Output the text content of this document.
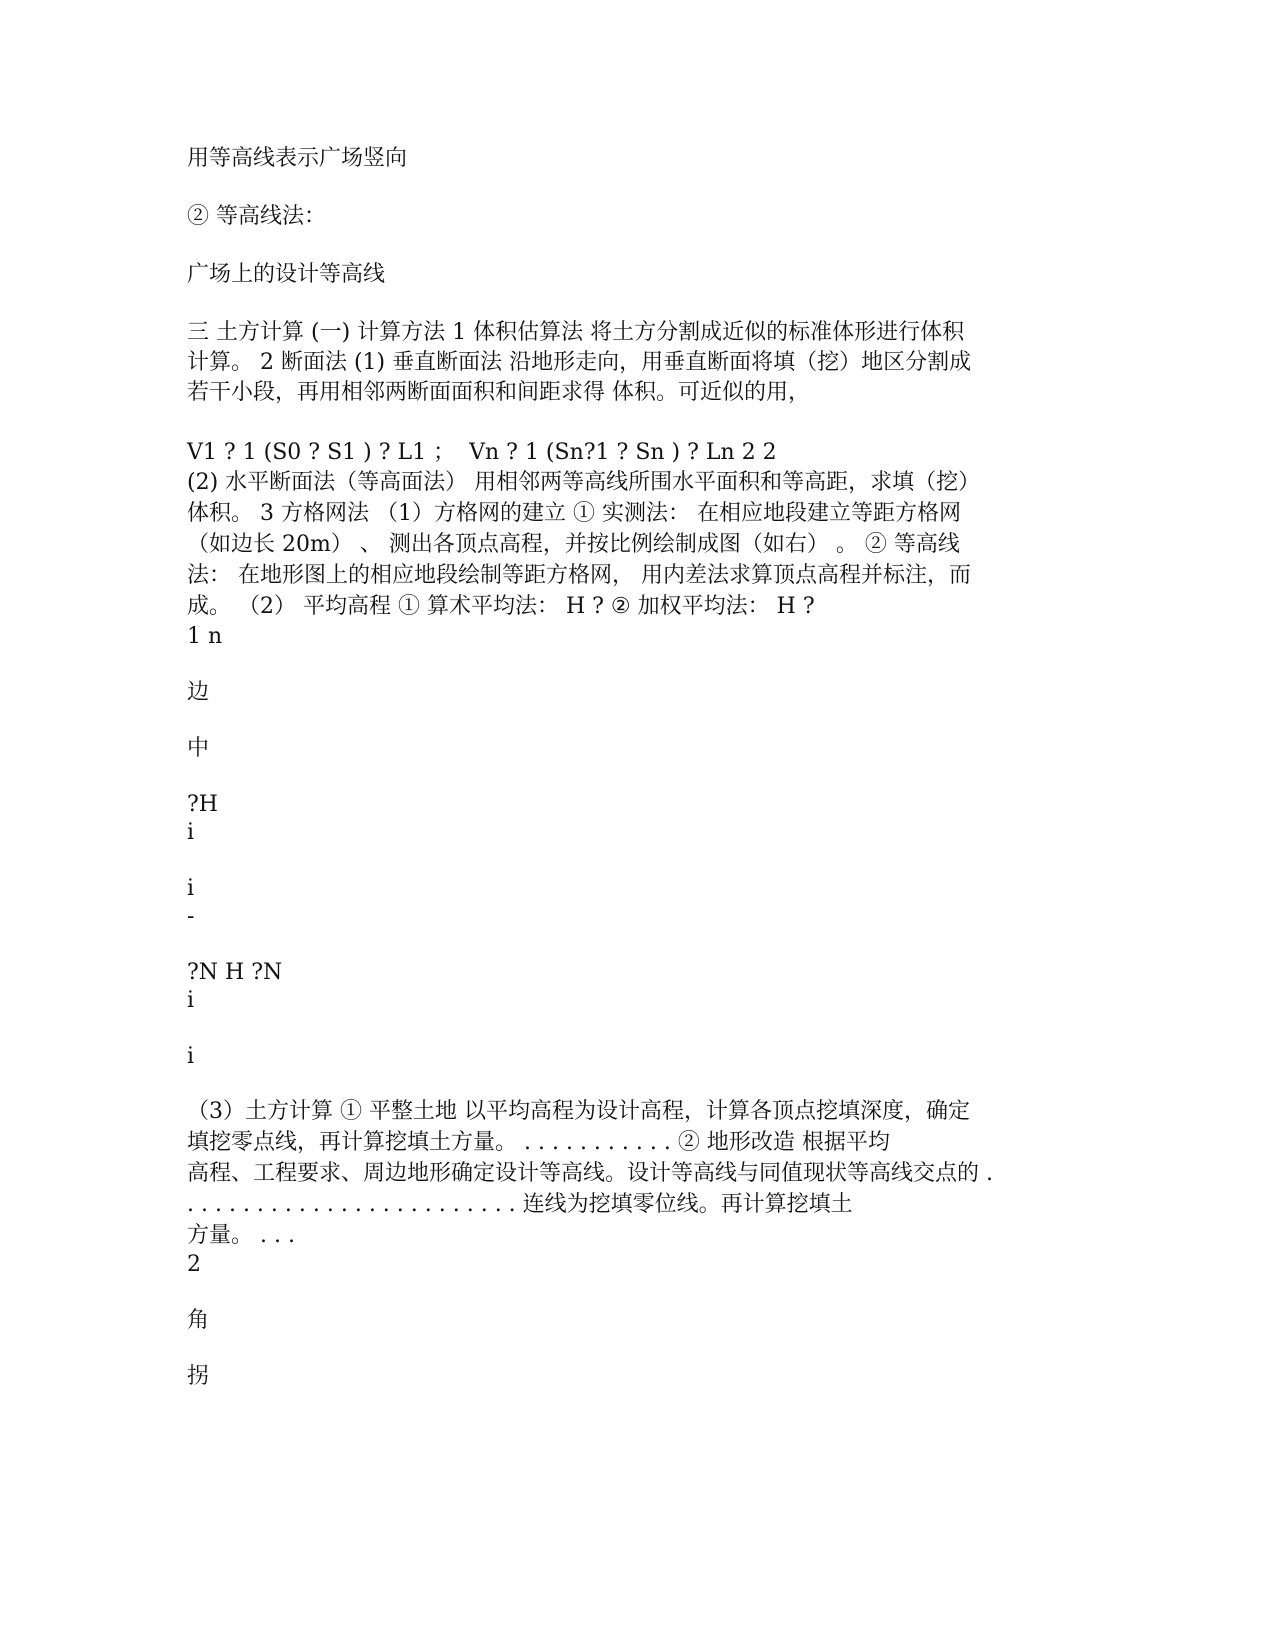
用等高线表示广场竖向
② 等高线法：
广场上的设计等高线
三 土方计算 (一) 计算方法 1 体积估算法 将土方分割成近似的标准体形进行体积
计算。 2 断面法 (1) 垂直断面法 沿地形走向，用垂直断面将填（挖）地区分割成
若干小段，再用相邻两断面面积和间距求得 体积。可近似的用，
V1 ? 1 (S0 ? S1 ) ? L1 ；  Vn ? 1 (Sn?1 ? Sn ) ? Ln 2 2
(2) 水平断面法（等高面法） 用相邻两等高线所围水平面积和等高距，求填（挖）
体积。 3 方格网法 （1）方格网的建立 ① 实测法： 在相应地段建立等距方格网
（如边长 20m） 、 测出各顶点高程，并按比例绘制成图（如右） 。 ② 等高线
法： 在地形图上的相应地段绘制等距方格网， 用内差法求算顶点高程并标注，而
成。 （2） 平均高程 ① 算术平均法： H ? ② 加权平均法： H ?
1 n
边
中
?H
i
i
-
?N H ?N
i
i
（3）土方计算 ① 平整土地 以平均高程为设计高程，计算各顶点挖填深度，确定
填挖零点线，再计算挖填土方量。 . . . . . . . . . . . ② 地形改造 根据平均
高程、工程要求、周边地形确定设计等高线。设计等高线与同值现状等高线交点的 .
. . . . . . . . . . . . . . . . . . . . . . . . 连线为挖填零位线。再计算挖填土
方量。 . . .
2
角
拐
